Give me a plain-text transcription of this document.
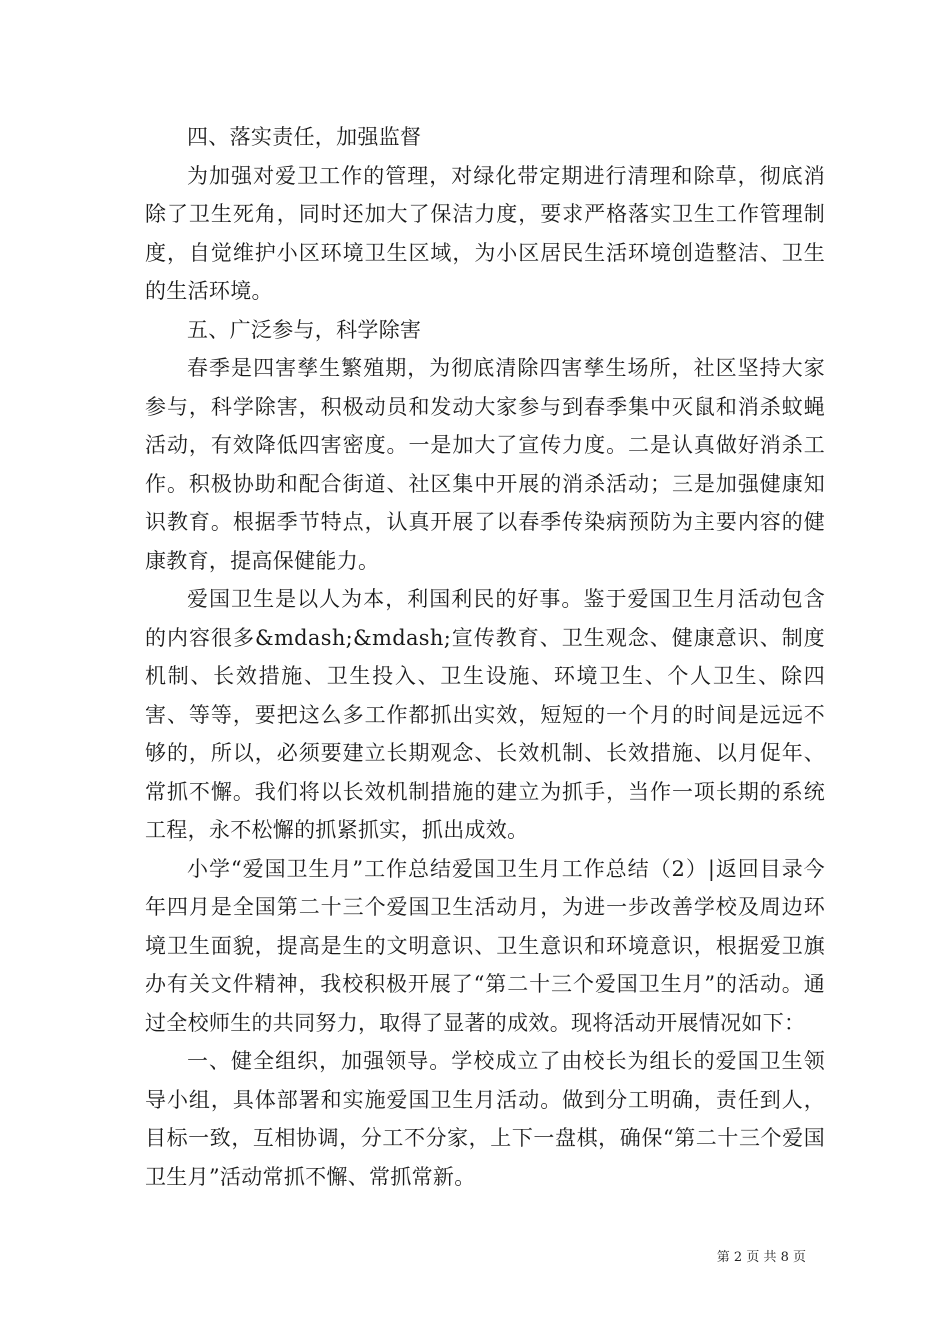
四、落实责任，加强监督

为加强对爱卫工作的管理，对绿化带定期进行清理和除草，彻底消除了卫生死角，同时还加大了保洁力度，要求严格落实卫生工作管理制度，自觉维护小区环境卫生区域，为小区居民生活环境创造整洁、卫生的生活环境。

五、广泛参与，科学除害

春季是四害孳生繁殖期，为彻底清除四害孳生场所，社区坚持大家参与，科学除害，积极动员和发动大家参与到春季集中灭鼠和消杀蚊蝇活动，有效降低四害密度。一是加大了宣传力度。二是认真做好消杀工作。积极协助和配合街道、社区集中开展的消杀活动；三是加强健康知识教育。根据季节特点，认真开展了以春季传染病预防为主要内容的健康教育，提高保健能力。

爱国卫生是以人为本，利国利民的好事。鉴于爱国卫生月活动包含的内容很多&mdash;&mdash;宣传教育、卫生观念、健康意识、制度机制、长效措施、卫生投入、卫生设施、环境卫生、个人卫生、除四害、等等，要把这么多工作都抓出实效，短短的一个月的时间是远远不够的，所以，必须要建立长期观念、长效机制、长效措施、以月促年、常抓不懈。我们将以长效机制措施的建立为抓手，当作一项长期的系统工程，永不松懈的抓紧抓实，抓出成效。

小学“爱国卫生月”工作总结爱国卫生月工作总结（2）|返回目录今年四月是全国第二十三个爱国卫生活动月，为进一步改善学校及周边环境卫生面貌，提高是生的文明意识、卫生意识和环境意识，根据爱卫旗办有关文件精神，我校积极开展了“第二十三个爱国卫生月”的活动。通过全校师生的共同努力，取得了显著的成效。现将活动开展情况如下：

一、健全组织，加强领导。学校成立了由校长为组长的爱国卫生领导小组，具体部署和实施爱国卫生月活动。做到分工明确，责任到人，目标一致，互相协调，分工不分家，上下一盘棋，确保“第二十三个爱国卫生月”活动常抓不懈、常抓常新。

第 2 页 共 8 页
